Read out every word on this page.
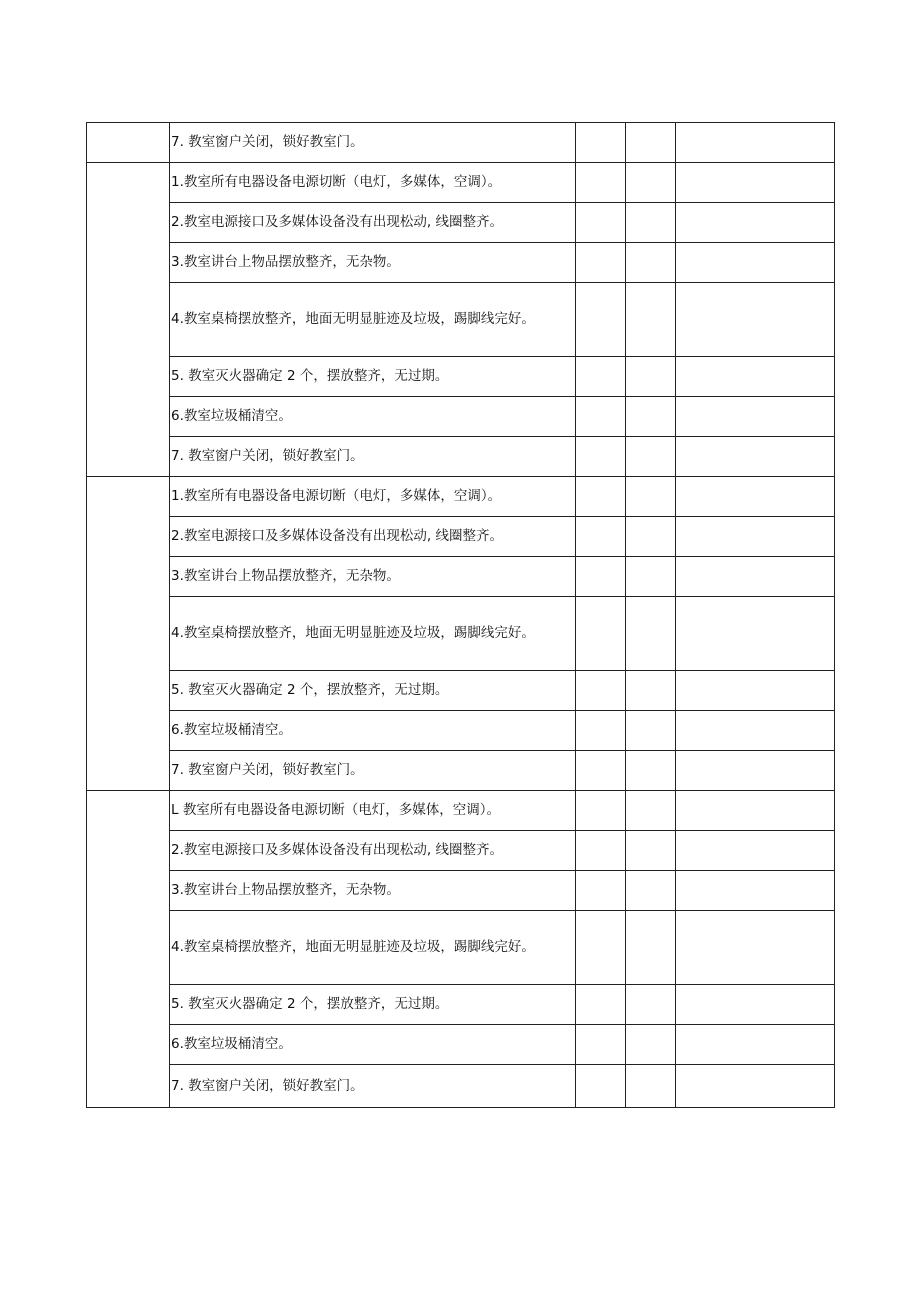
	7. 教室窗户关闭，锁好教室门。			

	1.教室所有电器设备电源切断（电灯，多媒体，空调）。			

	2.教室电源接口及多媒体设备没有出现松动, 线圈整齐。			

	3.教室讲台上物品摆放整齐，无杂物。			

	4.教室桌椅摆放整齐，地面无明显脏迹及垃圾，踢脚线完好。			

	5. 教室灭火器确定 2 个，摆放整齐，无过期。			

	6.教室垃圾桶清空。			

	7. 教室窗户关闭，锁好教室门。			

	1.教室所有电器设备电源切断（电灯，多媒体，空调）。			

	2.教室电源接口及多媒体设备没有出现松动, 线圈整齐。			

	3.教室讲台上物品摆放整齐，无杂物。			

	4.教室桌椅摆放整齐，地面无明显脏迹及垃圾，踢脚线完好。			

	5. 教室灭火器确定 2 个，摆放整齐，无过期。			

	6.教室垃圾桶清空。			

	7. 教室窗户关闭，锁好教室门。			

	L 教室所有电器设备电源切断（电灯，多媒体，空调）。			

	2.教室电源接口及多媒体设备没有出现松动, 线圈整齐。			

	3.教室讲台上物品摆放整齐，无杂物。			

	4.教室桌椅摆放整齐，地面无明显脏迹及垃圾，踢脚线完好。			

	5. 教室灭火器确定 2 个，摆放整齐，无过期。			

	6.教室垃圾桶清空。			

	7. 教室窗户关闭，锁好教室门。			
